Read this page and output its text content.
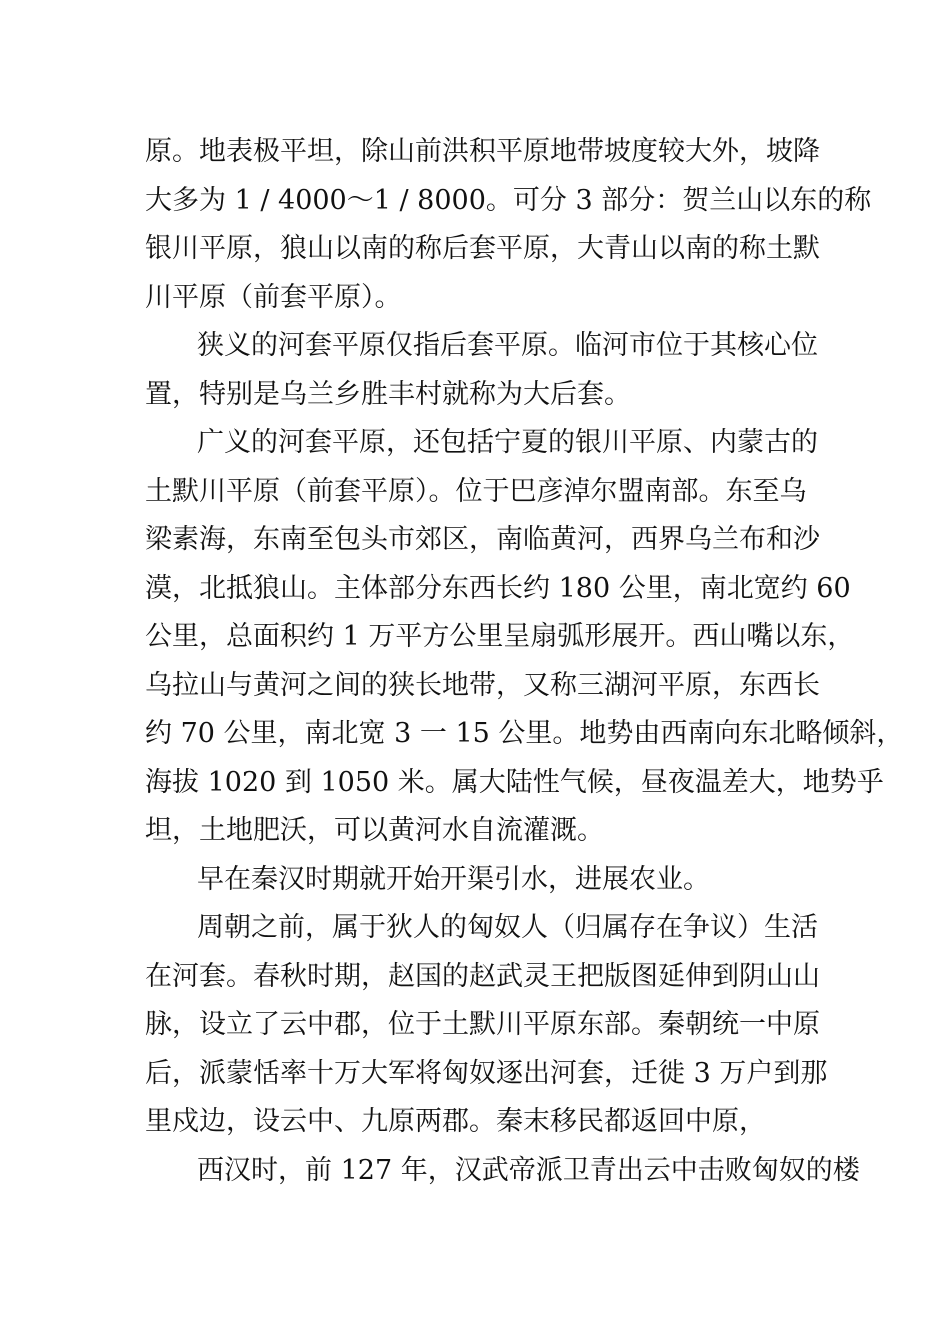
原。地表极平坦，除山前洪积平原地带坡度较大外，坡降
大多为 1 / 4000～1 / 8000。可分 3 部分：贺兰山以东的称
银川平原，狼山以南的称后套平原，大青山以南的称土默
川平原（前套平原）。
狭义的河套平原仅指后套平原。临河市位于其核心位
置，特别是乌兰乡胜丰村就称为大后套。
广义的河套平原，还包括宁夏的银川平原、内蒙古的
土默川平原（前套平原）。位于巴彦淖尔盟南部。东至乌
梁素海，东南至包头市郊区，南临黄河，西界乌兰布和沙
漠，北抵狼山。主体部分东西长约 180 公里，南北宽约 60
公里，总面积约 1 万平方公里呈扇弧形展开。西山嘴以东，
乌拉山与黄河之间的狭长地带，又称三湖河平原，东西长
约 70 公里，南北宽 3 一 15 公里。地势由西南向东北略倾斜，
海拔 1020 到 1050 米。属大陆性气候，昼夜温差大，地势乎
坦，土地肥沃，可以黄河水自流灌溉。
早在秦汉时期就开始开渠引水，进展农业。
周朝之前，属于狄人的匈奴人（归属存在争议）生活
在河套。春秋时期，赵国的赵武灵王把版图延伸到阴山山
脉，设立了云中郡，位于土默川平原东部。秦朝统一中原
后，派蒙恬率十万大军将匈奴逐出河套，迁徙 3 万户到那
里戍边，设云中、九原两郡。秦末移民都返回中原，
西汉时，前 127 年，汉武帝派卫青出云中击败匈奴的楼
